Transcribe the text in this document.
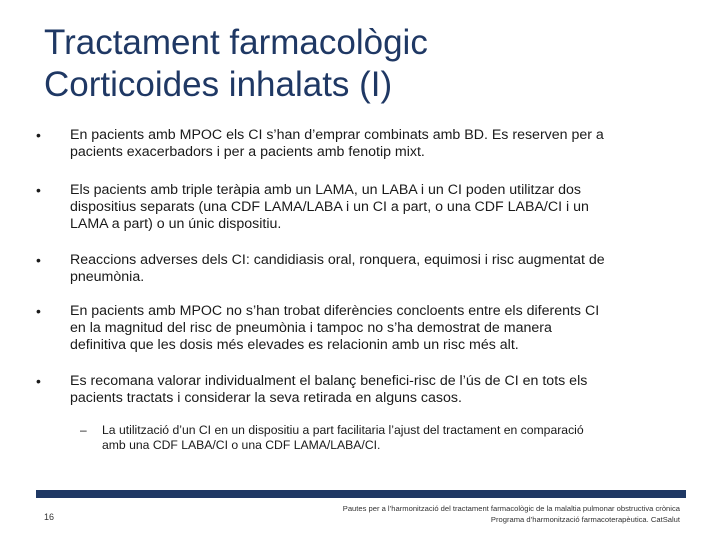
Tractament farmacològic
Corticoides inhalats (I)
• En pacients amb MPOC els CI s’han d’emprar combinats amb BD. Es reserven per a
pacients exacerbadors i per a pacients amb fenotip mixt.
• Els pacients amb triple teràpia amb un LAMA, un LABA i un CI poden utilitzar dos
dispositius separats (una CDF LAMA/LABA i un CI a part, o una CDF LABA/CI i un
LAMA a part) o un únic dispositiu.
• Reaccions adverses dels CI: candidiasis oral, ronquera, equimosi i risc augmentat de
pneumònia.
• En pacients amb MPOC no s’han trobat diferències concloents entre els diferents CI
en la magnitud del risc de pneumònia i tampoc no s’ha demostrat de manera
definitiva que les dosis més elevades es relacionin amb un risc més alt.
• Es recomana valorar individualment el balanç benefici-risc de l’ús de CI en tots els
pacients tractats i considerar la seva retirada en alguns casos.
– La utilització d’un CI en un dispositiu a part facilitaria l’ajust del tractament en comparació
amb una CDF LABA/CI o una CDF LAMA/LABA/CI.
16
Pautes per a l’harmonització del tractament farmacològic de la malaltia pulmonar obstructiva crònica
Programa d’harmonització farmacoterapèutica. CatSalut
